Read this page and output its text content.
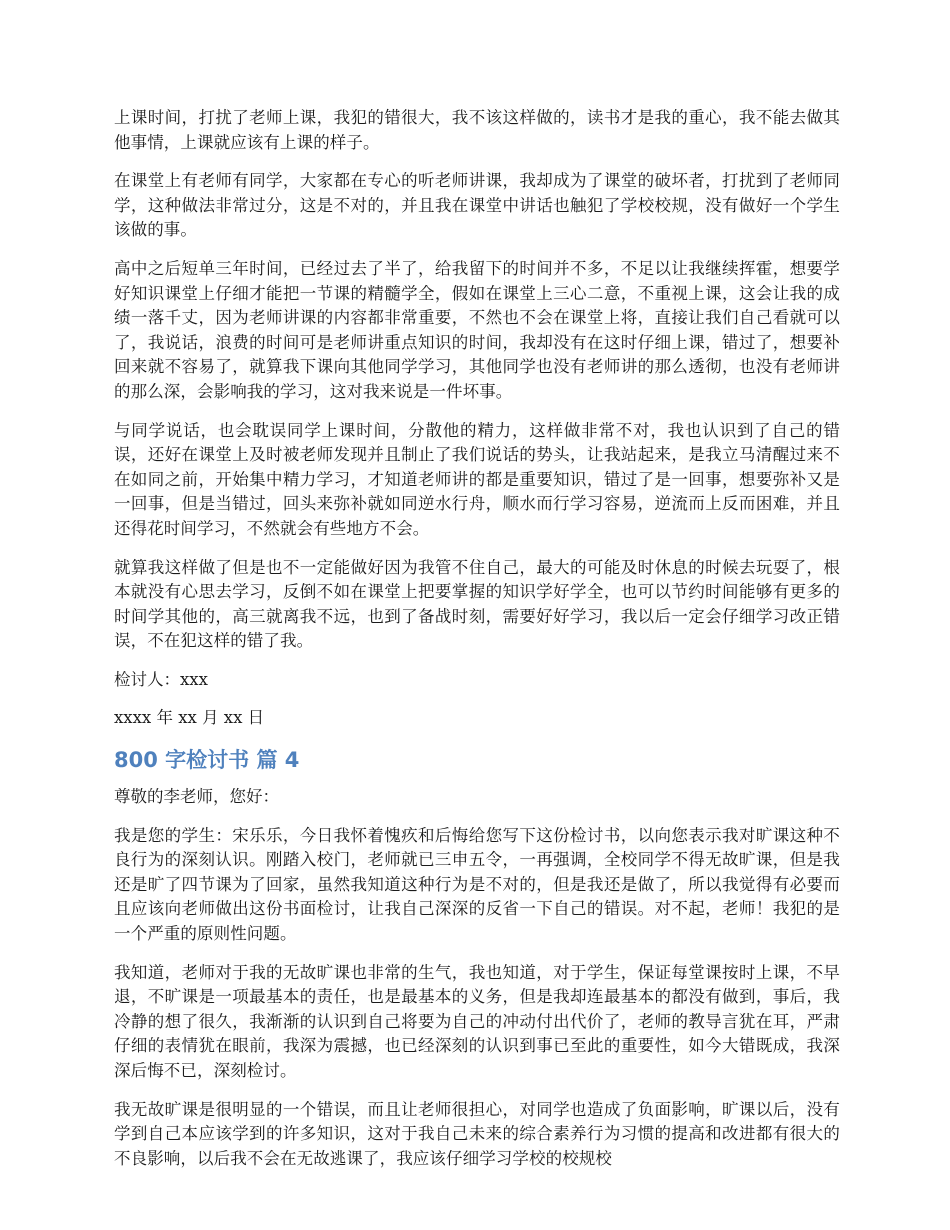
上课时间，打扰了老师上课，我犯的错很大，我不该这样做的，读书才是我的重心，我不能去做其他事情，上课就应该有上课的样子。

在课堂上有老师有同学，大家都在专心的听老师讲课，我却成为了课堂的破坏者，打扰到了老师同学，这种做法非常过分，这是不对的，并且我在课堂中讲话也触犯了学校校规，没有做好一个学生该做的事。

高中之后短单三年时间，已经过去了半了，给我留下的时间并不多，不足以让我继续挥霍，想要学好知识课堂上仔细才能把一节课的精髓学全，假如在课堂上三心二意，不重视上课，这会让我的成绩一落千丈，因为老师讲课的内容都非常重要，不然也不会在课堂上将，直接让我们自己看就可以了，我说话，浪费的时间可是老师讲重点知识的时间，我却没有在这时仔细上课，错过了，想要补回来就不容易了，就算我下课向其他同学学习，其他同学也没有老师讲的那么透彻，也没有老师讲的那么深，会影响我的学习，这对我来说是一件坏事。

与同学说话，也会耽误同学上课时间，分散他的精力，这样做非常不对，我也认识到了自己的错误，还好在课堂上及时被老师发现并且制止了我们说话的势头，让我站起来，是我立马清醒过来不在如同之前，开始集中精力学习，才知道老师讲的都是重要知识，错过了是一回事，想要弥补又是一回事，但是当错过，回头来弥补就如同逆水行舟，顺水而行学习容易，逆流而上反而困难，并且还得花时间学习，不然就会有些地方不会。

就算我这样做了但是也不一定能做好因为我管不住自己，最大的可能及时休息的时候去玩耍了，根本就没有心思去学习，反倒不如在课堂上把要掌握的知识学好学全，也可以节约时间能够有更多的时间学其他的，高三就离我不远，也到了备战时刻，需要好好学习，我以后一定会仔细学习改正错误，不在犯这样的错了我。

检讨人：xxx

xxxx 年 xx 月 xx 日

800 字检讨书 篇 4

尊敬的李老师，您好：

我是您的学生：宋乐乐，今日我怀着愧疚和后悔给您写下这份检讨书，以向您表示我对旷课这种不良行为的深刻认识。刚踏入校门，老师就已三申五令，一再强调，全校同学不得无故旷课，但是我还是旷了四节课为了回家，虽然我知道这种行为是不对的，但是我还是做了，所以我觉得有必要而且应该向老师做出这份书面检讨，让我自己深深的反省一下自己的错误。对不起，老师！我犯的是一个严重的原则性问题。

我知道，老师对于我的无故旷课也非常的生气，我也知道，对于学生，保证每堂课按时上课，不早退，不旷课是一项最基本的责任，也是最基本的义务，但是我却连最基本的都没有做到，事后，我冷静的想了很久，我渐渐的认识到自己将要为自己的冲动付出代价了，老师的教导言犹在耳，严肃仔细的表情犹在眼前，我深为震撼，也已经深刻的认识到事已至此的重要性，如今大错既成，我深深后悔不已，深刻检讨。

我无故旷课是很明显的一个错误，而且让老师很担心，对同学也造成了负面影响，旷课以后，没有学到自己本应该学到的许多知识，这对于我自己未来的综合素养行为习惯的提高和改进都有很大的不良影响，以后我不会在无故逃课了，我应该仔细学习学校的校规校
